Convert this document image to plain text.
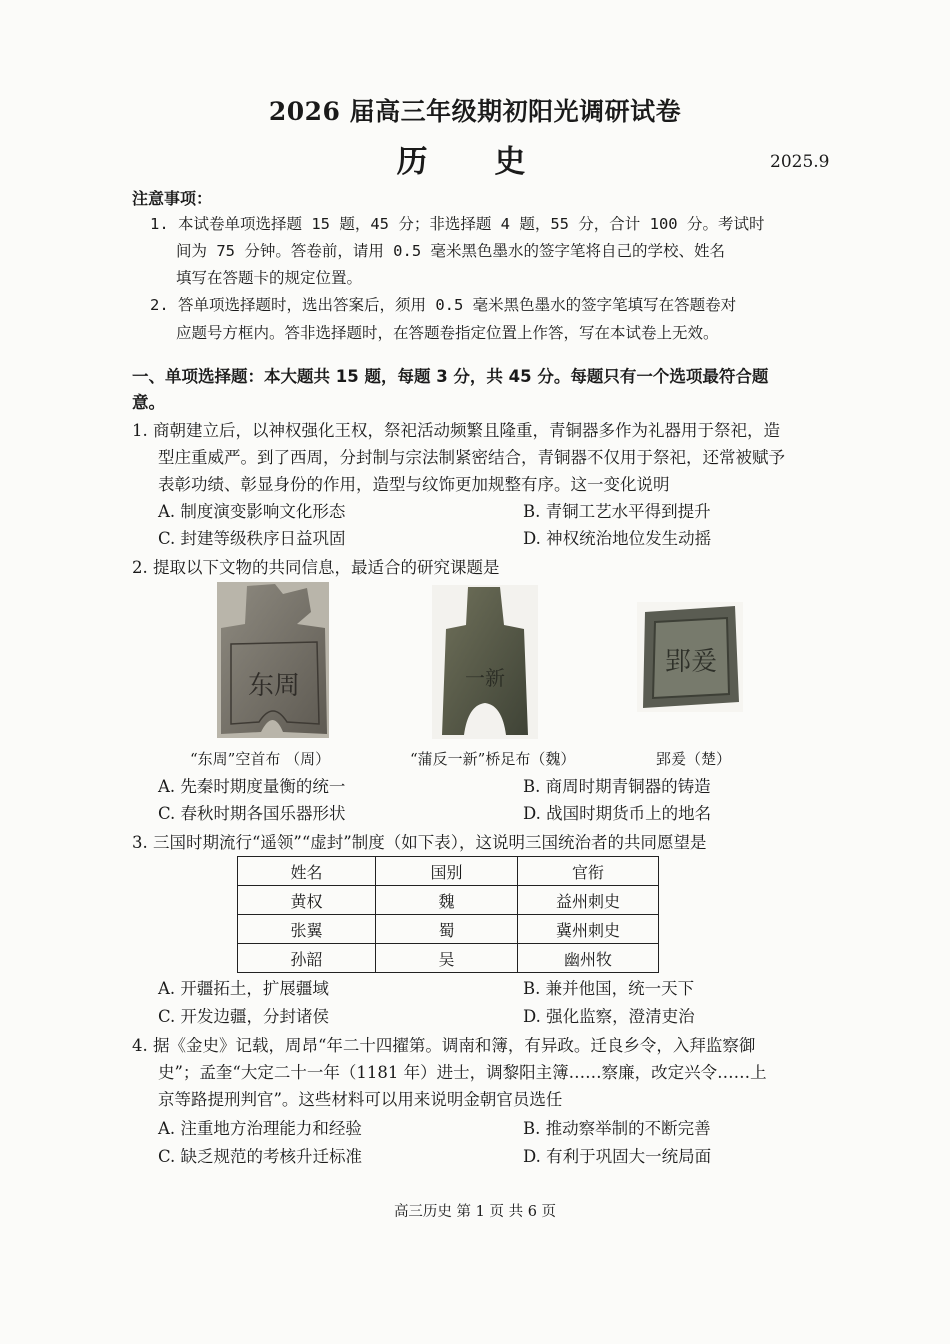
2026 届高三年级期初阳光调研试卷
历 史	2025.9
注意事项：
1. 本试卷单项选择题 15 题，45 分；非选择题 4 题，55 分，合计 100 分。考试时
间为 75 分钟。答卷前，请用 0.5 毫米黑色墨水的签字笔将自己的学校、姓名
填写在答题卡的规定位置。
2. 答单项选择题时，选出答案后，须用 0.5 毫米黑色墨水的签字笔填写在答题卷对
应题号方框内。答非选择题时，在答题卷指定位置上作答，写在本试卷上无效。
一、单项选择题：本大题共 15 题，每题 3 分，共 45 分。每题只有一个选项最符合题
意。
1. 商朝建立后，以神权强化王权，祭祀活动频繁且隆重，青铜器多作为礼器用于祭祀，造
型庄重威严。到了西周，分封制与宗法制紧密结合，青铜器不仅用于祭祀，还常被赋予
表彰功绩、彰显身份的作用，造型与纹饰更加规整有序。这一变化说明
A. 制度演变影响文化形态	B. 青铜工艺水平得到提升
C. 封建等级秩序日益巩固	D. 神权统治地位发生动摇
2. 提取以下文物的共同信息，最适合的研究课题是
东周
“东周”空首布 （周）
一新
“蒲反一新”桥足布（魏）
郢爰
郢爰（楚）
A. 先秦时期度量衡的统一	B. 商周时期青铜器的铸造
C. 春秋时期各国乐器形状	D. 战国时期货币上的地名
3. 三国时期流行“遥领”“虚封”制度（如下表），这说明三国统治者的共同愿望是
姓名	国别	官衔
黄权	魏	益州刺史
张翼	蜀	冀州刺史
孙韶	吴	幽州牧
A. 开疆拓土，扩展疆域	B. 兼并他国，统一天下
C. 开发边疆，分封诸侯	D. 强化监察，澄清吏治
4. 据《金史》记载，周昂“年二十四擢第。调南和簿，有异政。迁良乡令，入拜监察御
史”；孟奎“大定二十一年（1181 年）进士，调黎阳主簿……察廉，改定兴令……上
京等路提刑判官”。这些材料可以用来说明金朝官员选任
A. 注重地方治理能力和经验	B. 推动察举制的不断完善
C. 缺乏规范的考核升迁标准	D. 有利于巩固大一统局面
高三历史 第 1 页 共 6 页
